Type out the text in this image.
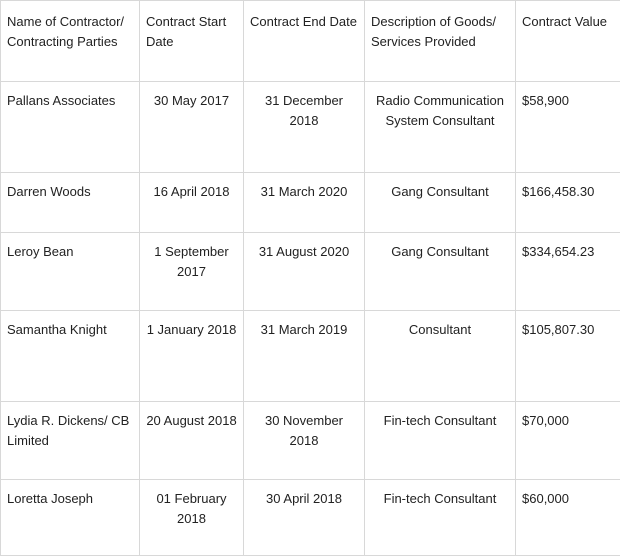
Name of Contractor/ Contracting Parties	Contract Start Date	Contract End Date	Description of Goods/ Services Provided	Contract Value
Pallans Associates	30 May 2017	31 December 2018	Radio Communication System Consultant	$58,900
Darren Woods	16 April 2018	31 March 2020	Gang Consultant	$166,458.30
Leroy Bean	1 September 2017	31 August 2020	Gang Consultant	$334,654.23
Samantha Knight	1 January 2018	31 March 2019	Consultant	$105,807.30
Lydia R. Dickens/ CB Limited	20 August 2018	30 November 2018	Fin-tech Consultant	$70,000
Loretta Joseph	01 February 2018	30 April 2018	Fin-tech Consultant	$60,000
